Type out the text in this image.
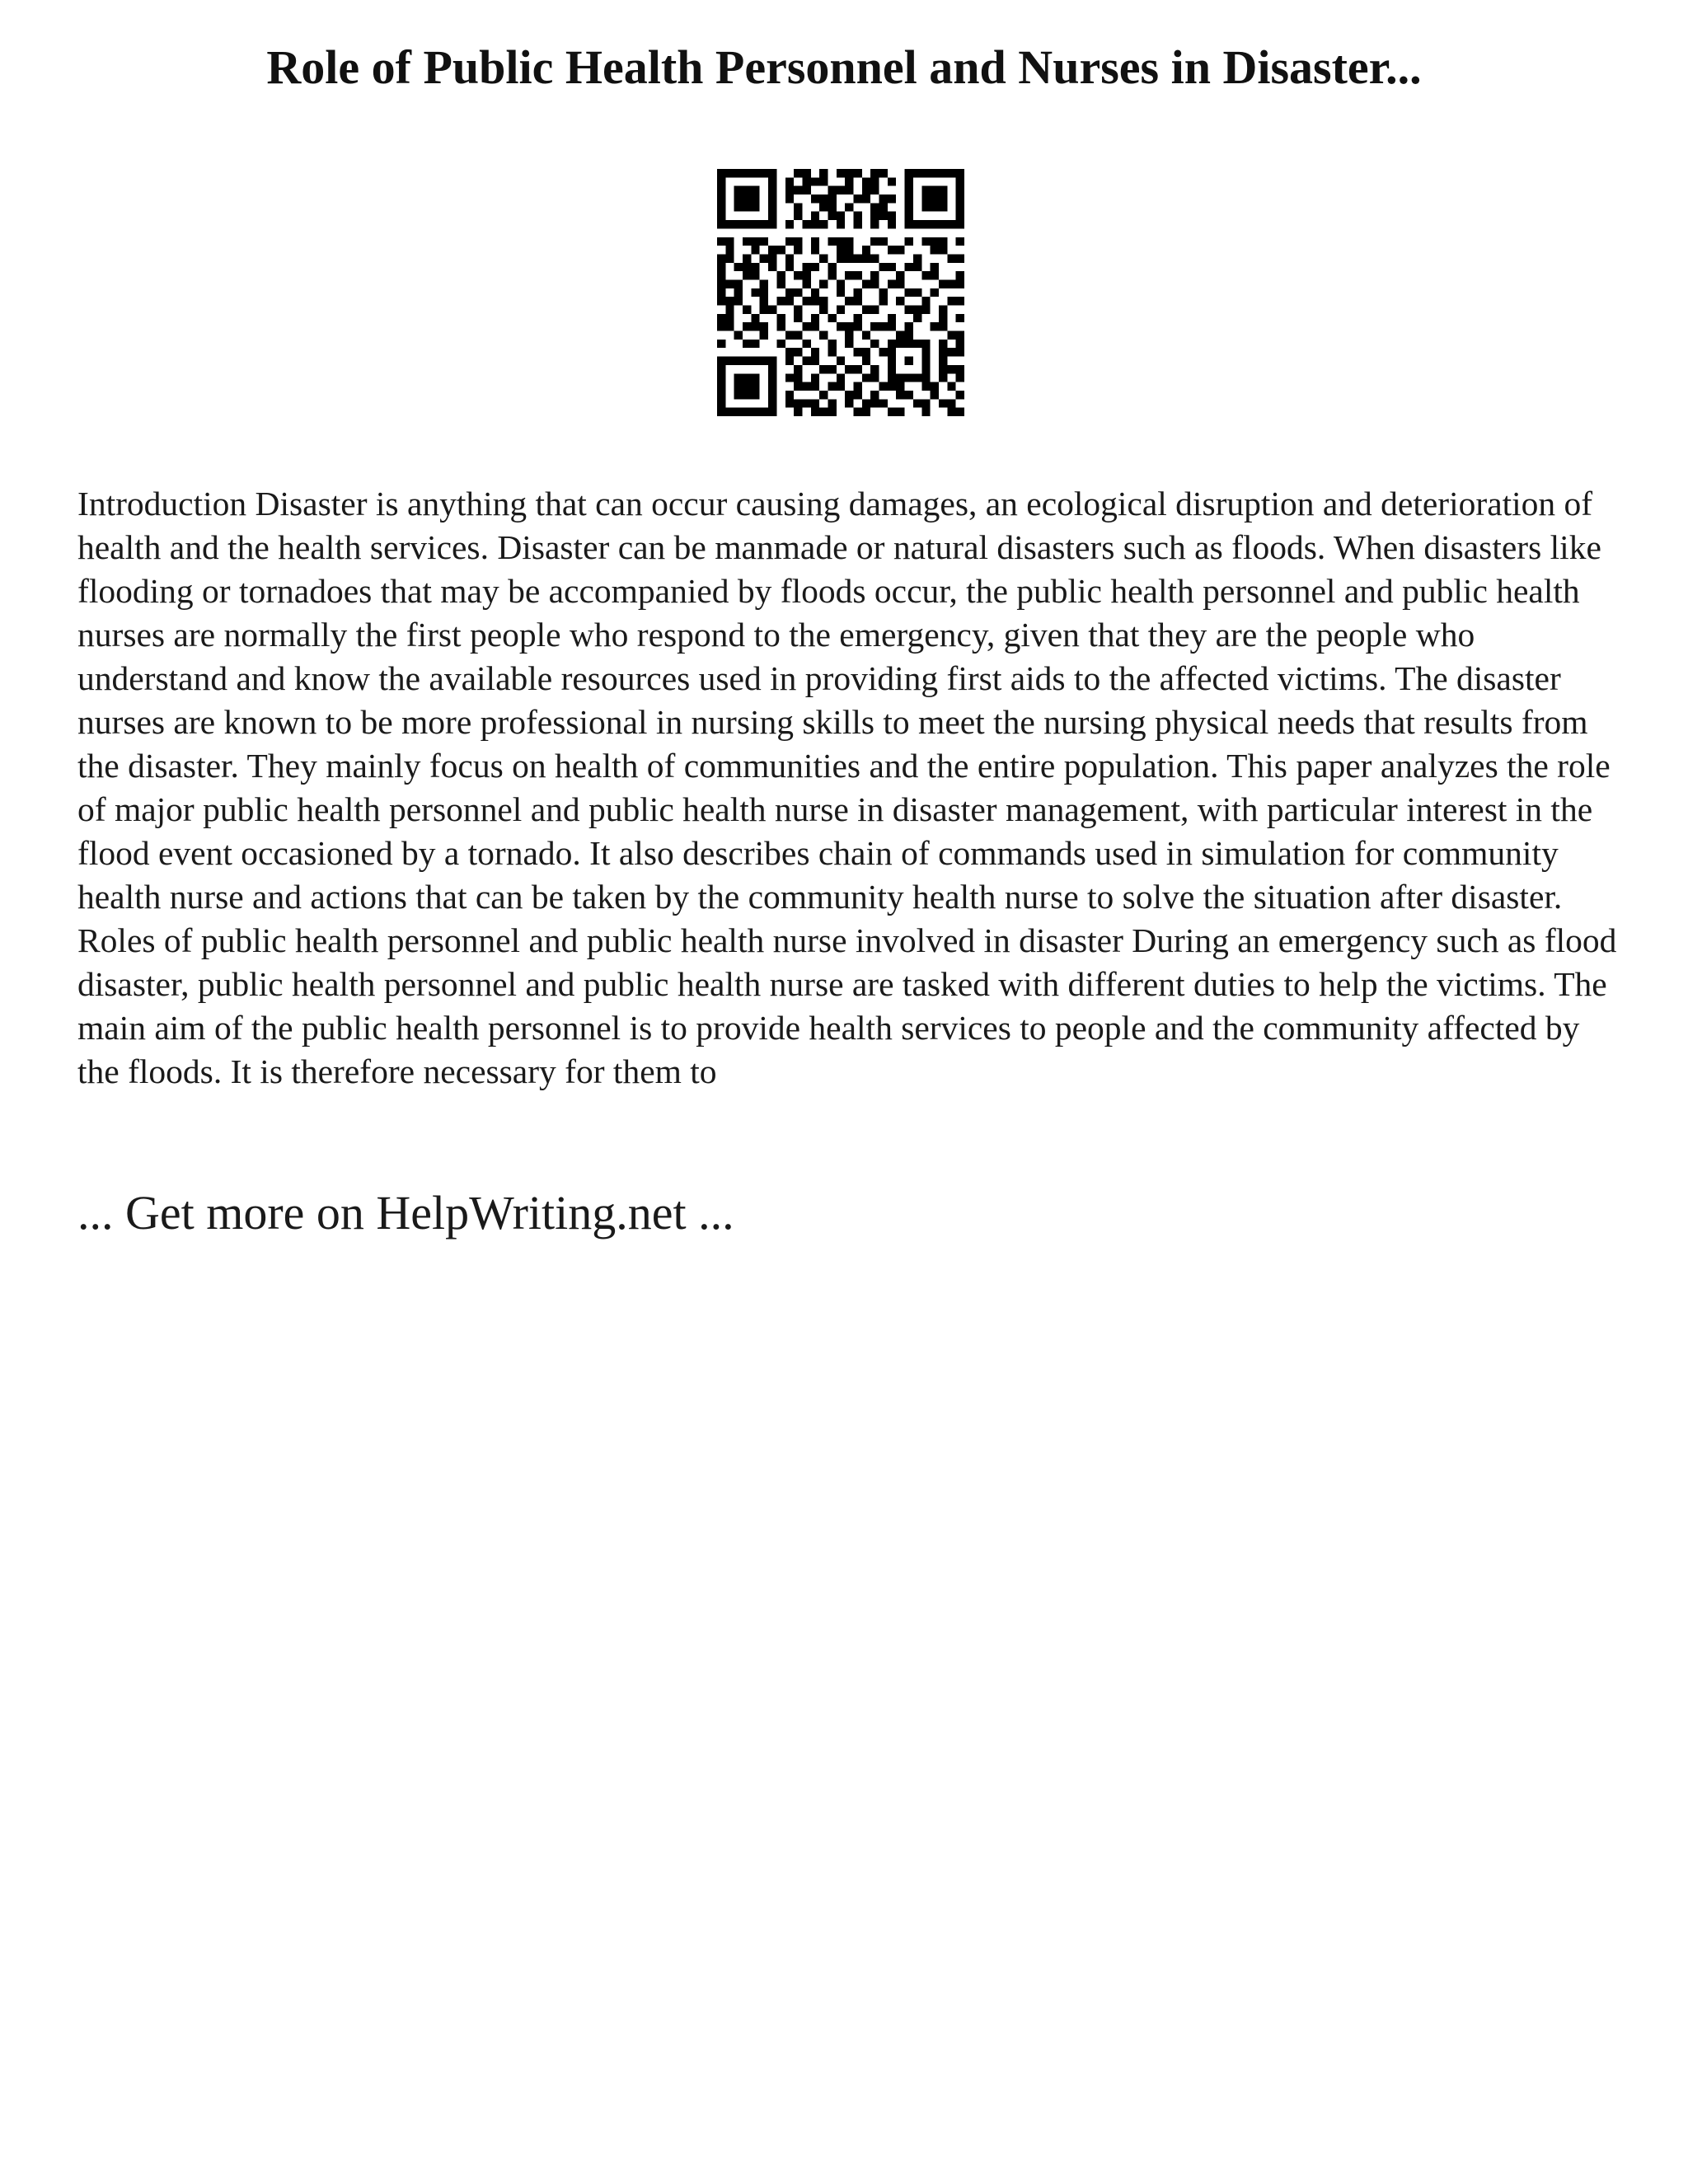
Role of Public Health Personnel and Nurses in Disaster...

Introduction Disaster is anything that can occur causing damages, an ecological disruption and deterioration of health and the health services. Disaster can be manmade or natural disasters such as floods. When disasters like flooding or tornadoes that may be accompanied by floods occur, the public health personnel and public health nurses are normally the first people who respond to the emergency, given that they are the people who understand and know the available resources used in providing first aids to the affected victims. The disaster nurses are known to be more professional in nursing skills to meet the nursing physical needs that results from the disaster. They mainly focus on health of communities and the entire population. This paper analyzes the role of major public health personnel and public health nurse in disaster management, with particular interest in the flood event occasioned by a tornado. It also describes chain of commands used in simulation for community health nurse and actions that can be taken by the community health nurse to solve the situation after disaster.

Roles of public health personnel and public health nurse involved in disaster During an emergency such as flood disaster, public health personnel and public health nurse are tasked with different duties to help the victims. The main aim of the public health personnel is to provide health services to people and the community affected by the floods. It is therefore necessary for them to

... Get more on HelpWriting.net ...
